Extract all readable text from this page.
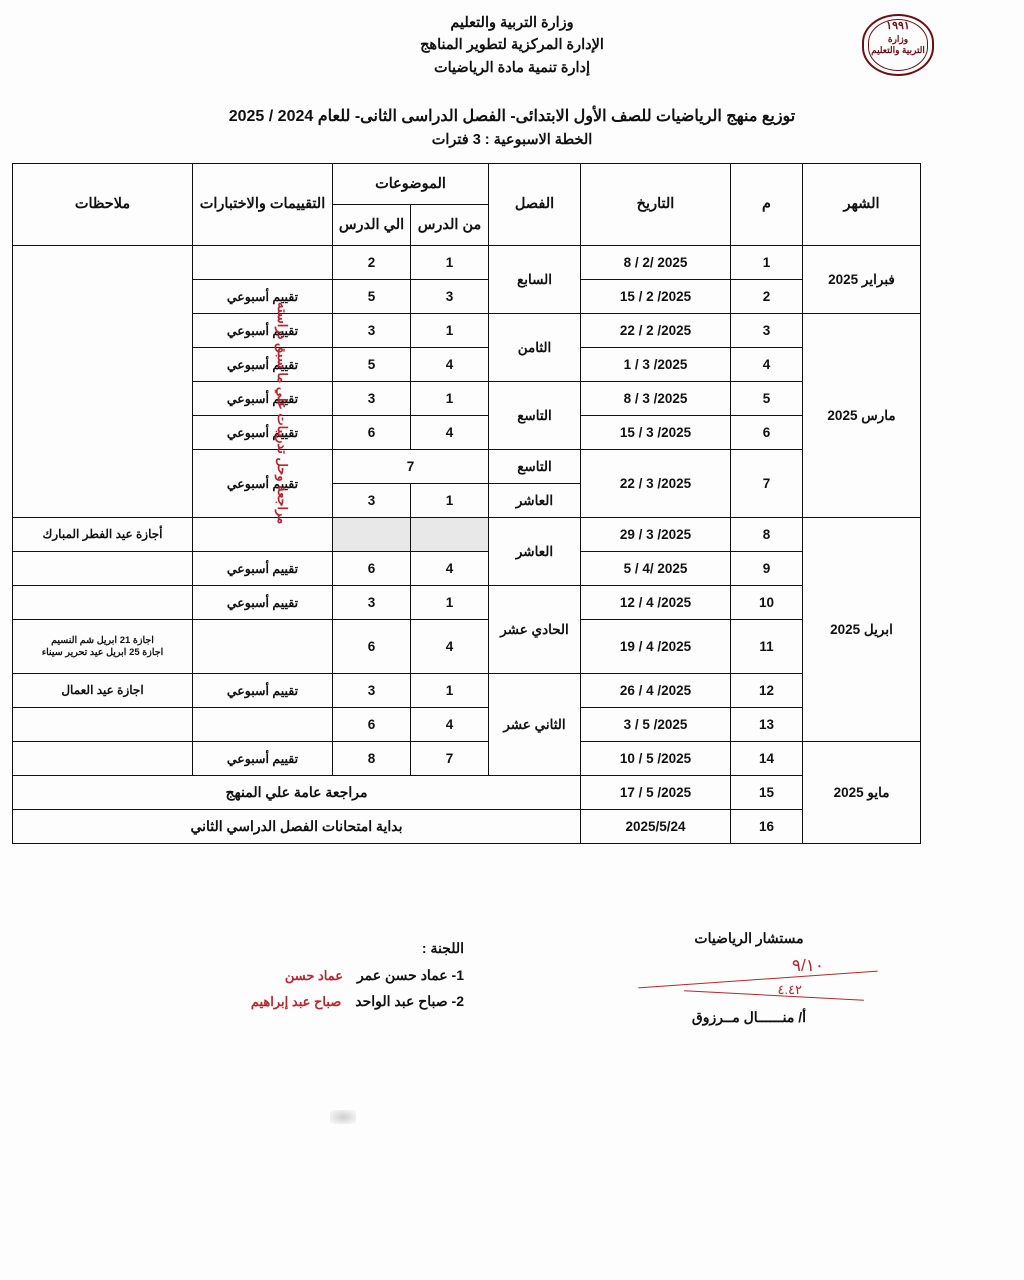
١٩٩١
وزارة
التربية والتعليم
وزارة التربية والتعليم
الإدارة المركزية لتطوير المناهج
إدارة تنمية مادة الرياضيات
توزيع منهج الرياضيات للصف الأول الابتدائى- الفصل الدراسى الثانى- للعام 2024 / 2025
الخطة الاسبوعية : 3 فترات
الشهر	م	التاريخ	الفصل	الموضوعات		التقييمات والاختبارات	ملاحظات
				من الدرس	الي الدرس		
فبراير 2025	1	2025 /2 / 8	السابع	1	2		
	2	2025/ 2 / 15		3	5	تقييم أسبوعي	
مارس 2025	3	2025/ 2 / 22	الثامن	1	3	تقييم أسبوعي	
	4	2025/ 3 / 1		4	5	تقييم أسبوعي	
	5	2025/ 3 / 8	التاسع	1	3	تقييم أسبوعي	
	6	2025/ 3 / 15		4	6	تقييم أسبوعي	
	7	2025/ 3 / 22	التاسع	7		تقييم أسبوعي	
			العاشر	1	3		
ابريل 2025	8	2025/ 3 / 29	العاشر				أجازة عيد الفطر المبارك
	9	2025 /4 / 5		4	6	تقييم أسبوعي	
	10	2025/ 4 / 12	الحادي عشر	1	3	تقييم أسبوعي	
	11	2025/ 4 / 19		4	6		اجازة 21 ابريل شم النسيم
اجازة 25 ابريل عيد تحرير سيناء
	12	2025/ 4 / 26	الثاني عشر	1	3	تقييم أسبوعي	اجازة عيد العمال
	13	2025/ 5 / 3		4	6		
مايو 2025	14	2025/ 5 / 10		7	8	تقييم أسبوعي	
	15	2025/ 5 / 17	مراجعة عامة علي المنهج				
	16	2025/5/24	بداية امتحانات الفصل الدراسي الثاني				
مراجعة وحل تدريبات علي ما سبق دراسته
اللجنة :
1- عماد حسن عمر عماد حسن
2- صباح عبد الواحد صباح عبد إبراهيم
مستشار الرياضيات
أ/ منــــــال مــرزوق
٩/١٠
٤.٤٢
